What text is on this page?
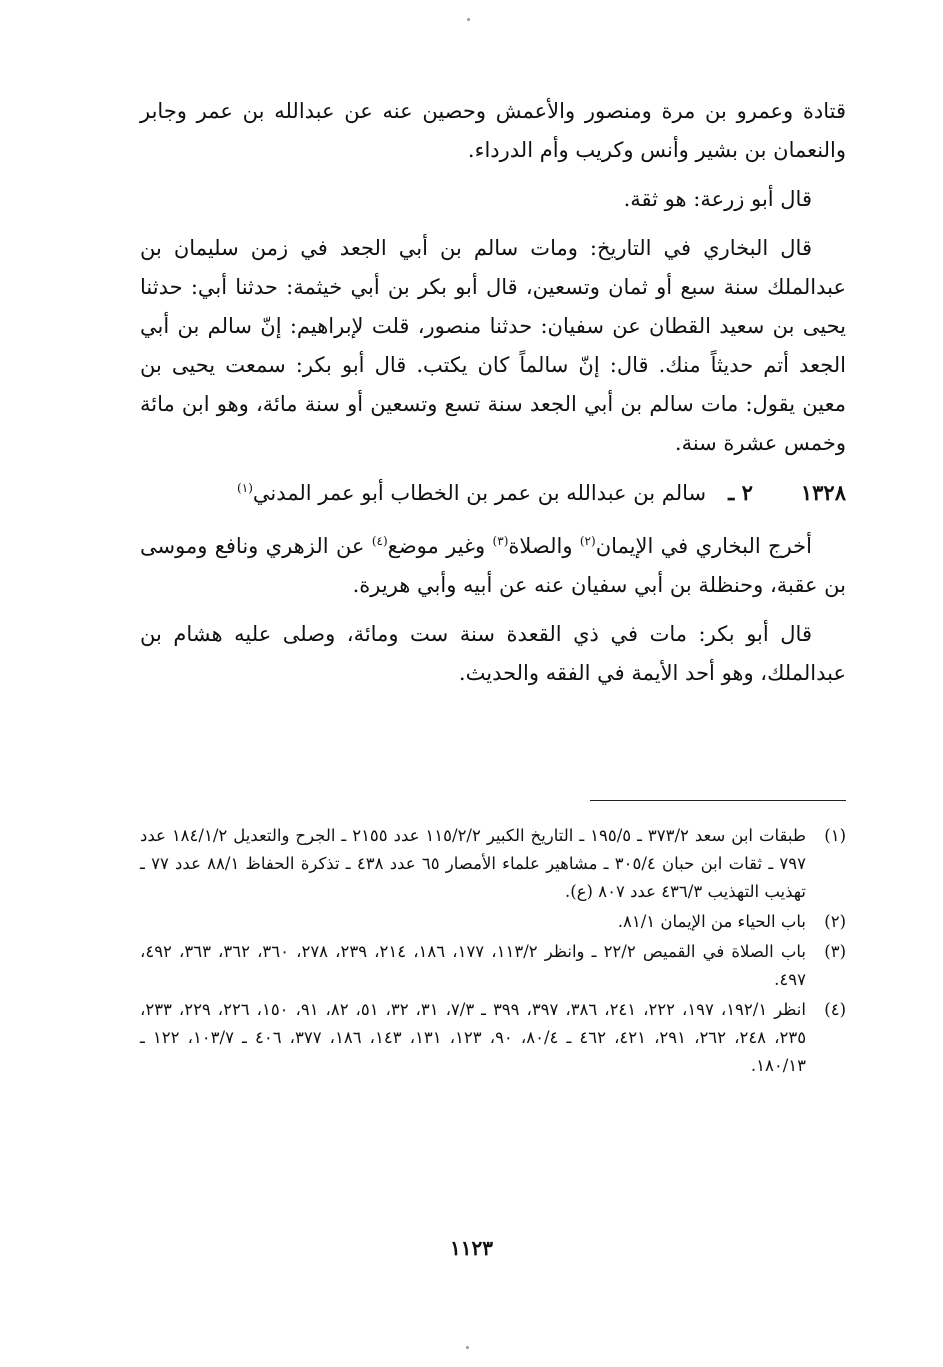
قتادة وعمرو بن مرة ومنصور والأعمش وحصين عنه عن عبدالله بن عمر وجابر والنعمان بن بشير وأنس وكريب وأم الدرداء.

قال أبو زرعة: هو ثقة.

قال البخاري في التاريخ: ومات سالم بن أبي الجعد في زمن سليمان بن عبدالملك سنة سبع أو ثمان وتسعين، قال أبو بكر بن أبي خيثمة: حدثنا أبي: حدثنا يحيى بن سعيد القطان عن سفيان: حدثنا منصور، قلت لإبراهيم: إنّ سالم بن أبي الجعد أتم حديثاً منك. قال: إنّ سالماً كان يكتب. قال أبو بكر: سمعت يحيى بن معين يقول: مات سالم بن أبي الجعد سنة تسع وتسعين أو سنة مائة، وهو ابن مائة وخمس عشرة سنة.

١٣٢٨
٢ ـ
سالم بن عبدالله بن عمر بن الخطاب أبو عمر المدني$^{(١)}$

أخرج البخاري في الإيمان$^{(٢)}$ والصلاة$^{(٣)}$ وغير موضع$^{(٤)}$ عن الزهري ونافع وموسى بن عقبة، وحنظلة بن أبي سفيان عنه عن أبيه وأبي هريرة.

قال أبو بكر: مات في ذي القعدة سنة ست ومائة، وصلى عليه هشام بن عبدالملك، وهو أحد الأيمة في الفقه والحديث.

(١)
طبقات ابن سعد ٣٧٣/٢ ـ ١٩٥/٥ ـ التاريخ الكبير ١١٥/٢/٢ عدد ٢١٥٥ ـ الجرح والتعديل ١٨٤/١/٢ عدد ٧٩٧ ـ ثقات ابن حبان ٣٠٥/٤ ـ مشاهير علماء الأمصار ٦٥ عدد ٤٣٨ ـ تذكرة الحفاظ ٨٨/١ عدد ٧٧ ـ تهذيب التهذيب ٤٣٦/٣ عدد ٨٠٧ (ع).
(٢)
باب الحياء من الإيمان ٨١/١.
(٣)
باب الصلاة في القميص ٢٢/٢ ـ وانظر ١١٣/٢، ١٧٧، ١٨٦، ٢١٤، ٢٣٩، ٢٧٨، ٣٦٠، ٣٦٢، ٣٦٣، ٤٩٢، ٤٩٧.
(٤)
انظر ١٩٢/١، ١٩٧، ٢٢٢، ٢٤١، ٣٨٦، ٣٩٧، ٣٩٩ ـ ٧/٣، ٣١، ٣٢، ٥١، ٨٢، ٩١، ١٥٠، ٢٢٦، ٢٢٩، ٢٣٣، ٢٣٥، ٢٤٨، ٢٦٢، ٢٩١، ٤٢١، ٤٦٢ ـ ٨٠/٤، ٩٠، ١٢٣، ١٣١، ١٤٣، ١٨٦، ٣٧٧، ٤٠٦ ـ ١٠٣/٧، ١٢٢ ـ ١٨٠/١٣.
١١٢٣
